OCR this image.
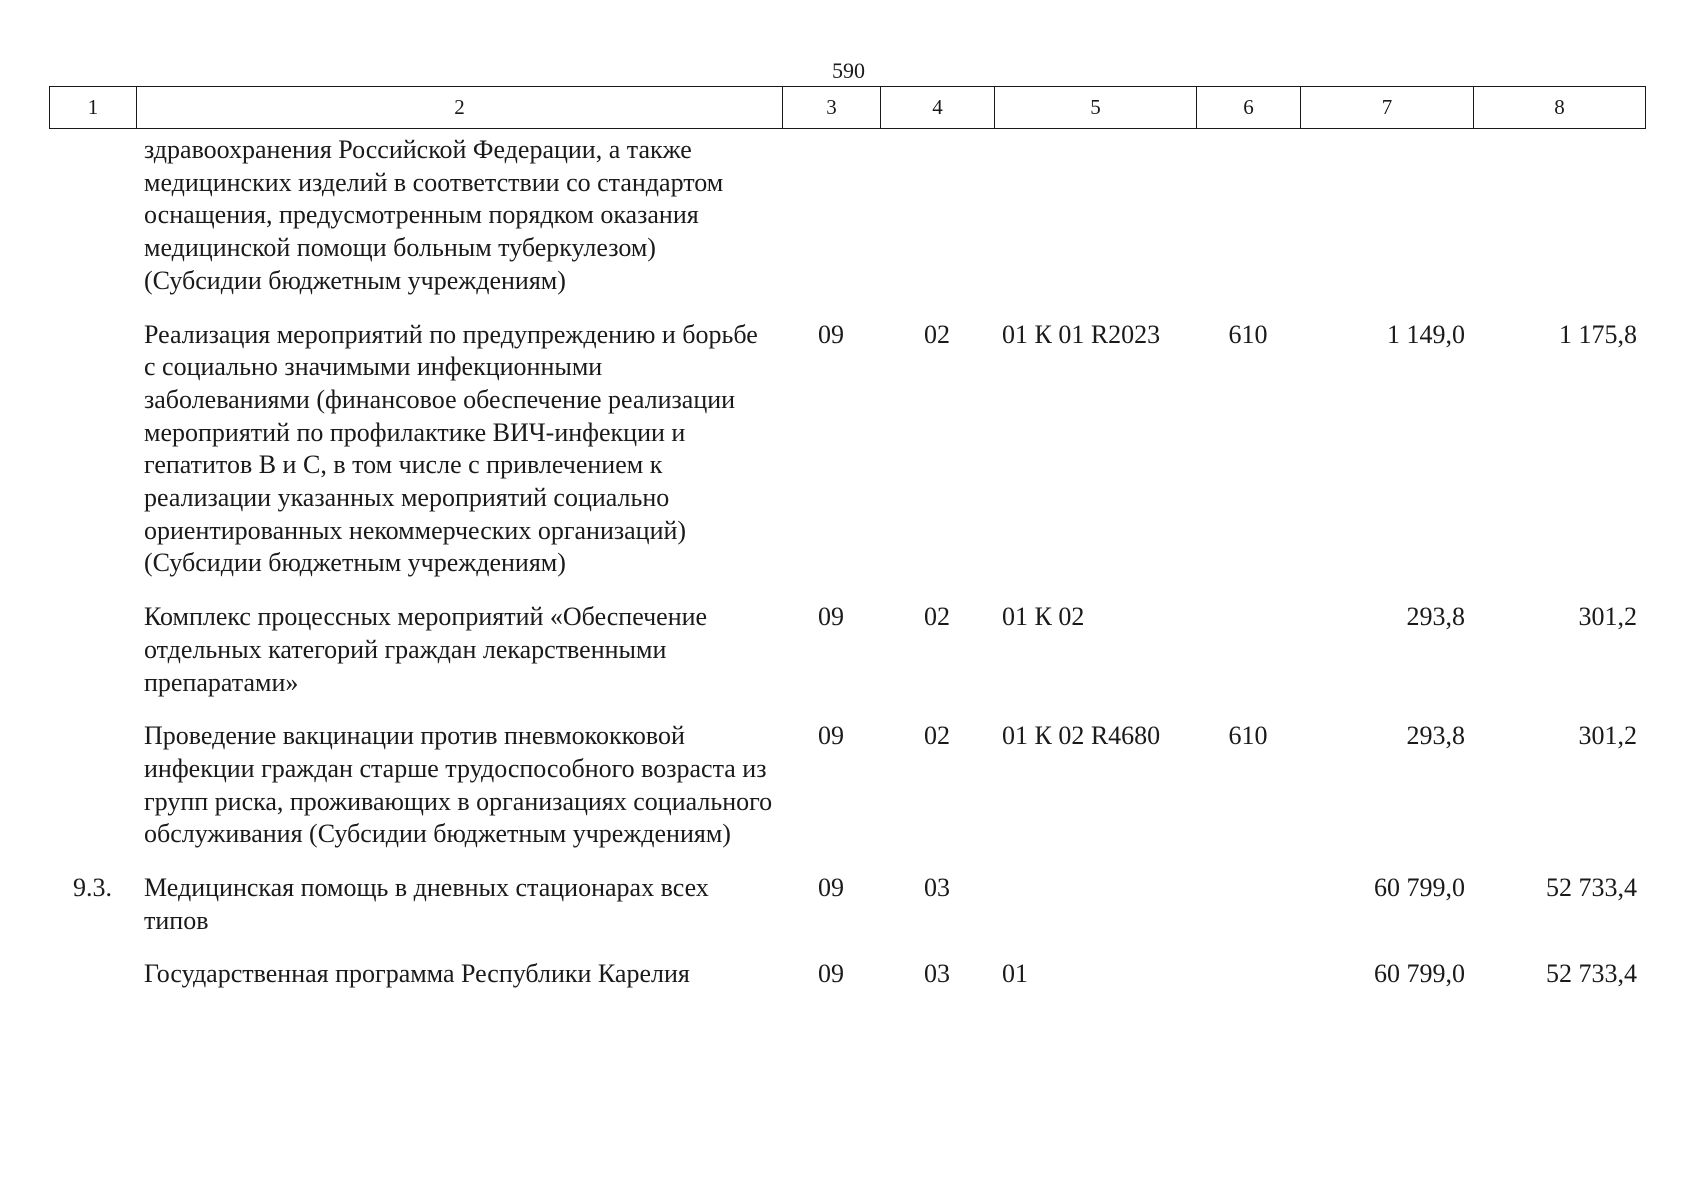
590
1	2	3	4	5	6	7	8
	здравоохранения Российской Федерации, а также медицинских изделий в соответствии со стандартом оснащения, предусмотренным порядком оказания медицинской помощи больным туберкулезом) (Субсидии бюджетным учреждениям)						
	Реализация мероприятий по предупреждению и борьбе с социально значимыми инфекционными заболеваниями (финансовое обеспечение реализации мероприятий по профилактике ВИЧ-инфекции и гепатитов В и С, в том числе с привлечением к реализации указанных мероприятий социально ориентированных некоммерческих организаций) (Субсидии бюджетным учреждениям)	09	02	01 К 01 R2023	610	1 149,0	1 175,8
	Комплекс процессных мероприятий «Обеспечение отдельных категорий граждан лекарственными препаратами»	09	02	01 К 02		293,8	301,2
	Проведение вакцинации против пневмококковой инфекции граждан старше трудоспособного возраста из групп риска, проживающих в организациях социального обслуживания (Субсидии бюджетным учреждениям)	09	02	01 К 02 R4680	610	293,8	301,2
9.3.	Медицинская помощь в дневных стационарах всех типов	09	03			60 799,0	52 733,4
	Государственная программа Республики Карелия	09	03	01		60 799,0	52 733,4
